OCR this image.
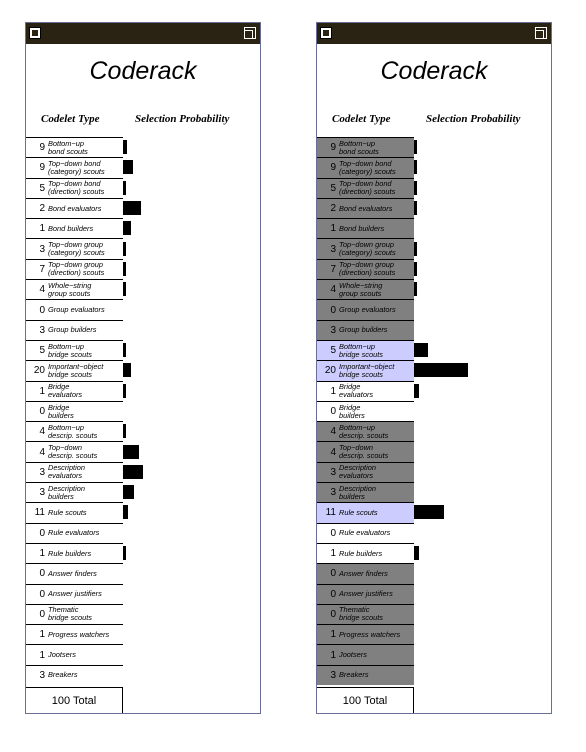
Coderack
Codelet Type	Selection Probability
9 Bottom−up
bond scouts
9 Top−down bond
(category) scouts
5 Top−down bond
(direction) scouts
2 Bond evaluators
1 Bond builders
3 Top−down group
(category) scouts
7 Top−down group
(direction) scouts
4 Whole−string
group scouts
0 Group evaluators
3 Group builders
5 Bottom−up
bridge scouts
20 Important−object
bridge scouts
1 Bridge
evaluators
0 Bridge
builders
4 Bottom−up
descrip. scouts
4 Top−down
descrip. scouts
3 Description
evaluators
3 Description
builders
11 Rule scouts
0 Rule evaluators
1 Rule builders
0 Answer finders
0 Answer justifiers
0 Thematic
bridge scouts
1 Progress watchers
1 Jootsers
3 Breakers
100 Total
Coderack
Codelet Type	Selection Probability
9 Bottom−up
bond scouts
9 Top−down bond
(category) scouts
5 Top−down bond
(direction) scouts
2 Bond evaluators
1 Bond builders
3 Top−down group
(category) scouts
7 Top−down group
(direction) scouts
4 Whole−string
group scouts
0 Group evaluators
3 Group builders
5 Bottom−up
bridge scouts
20 Important−object
bridge scouts
1 Bridge
evaluators
0 Bridge
builders
4 Bottom−up
descrip. scouts
4 Top−down
descrip. scouts
3 Description
evaluators
3 Description
builders
11 Rule scouts
0 Rule evaluators
1 Rule builders
0 Answer finders
0 Answer justifiers
0 Thematic
bridge scouts
1 Progress watchers
1 Jootsers
3 Breakers
100 Total
